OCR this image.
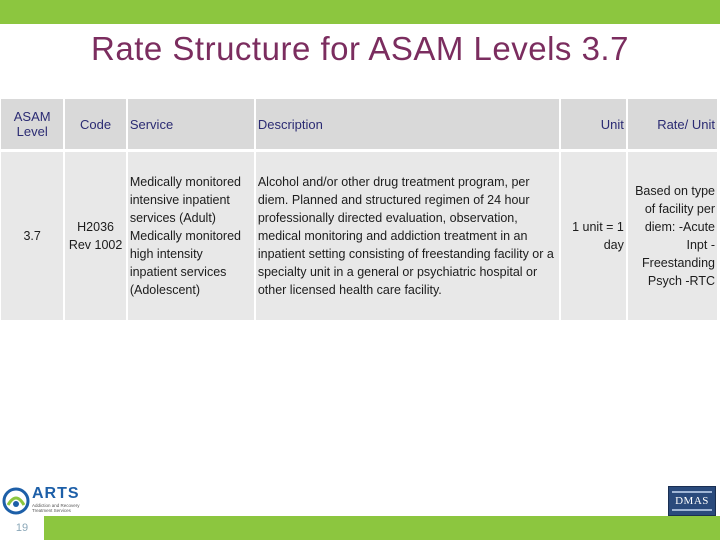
Rate Structure for ASAM Levels 3.7
ASAM Level	Code	Service	Description	Unit	Rate/ Unit
3.7	H2036 Rev 1002	Medically monitored intensive inpatient services (Adult) Medically monitored high intensity inpatient services (Adolescent)	Alcohol and/or other drug treatment program, per diem. Planned and structured regimen of 24 hour professionally directed evaluation, observation, medical monitoring and addiction treatment in an inpatient setting consisting of freestanding facility or a specialty unit in a general or psychiatric hospital or other licensed health care facility.	1 unit = 1 day	Based on type of facility per diem: -Acute Inpt -Freestanding Psych -RTC
ARTS
Addiction and Recovery Treatment Services
DMAS
19
